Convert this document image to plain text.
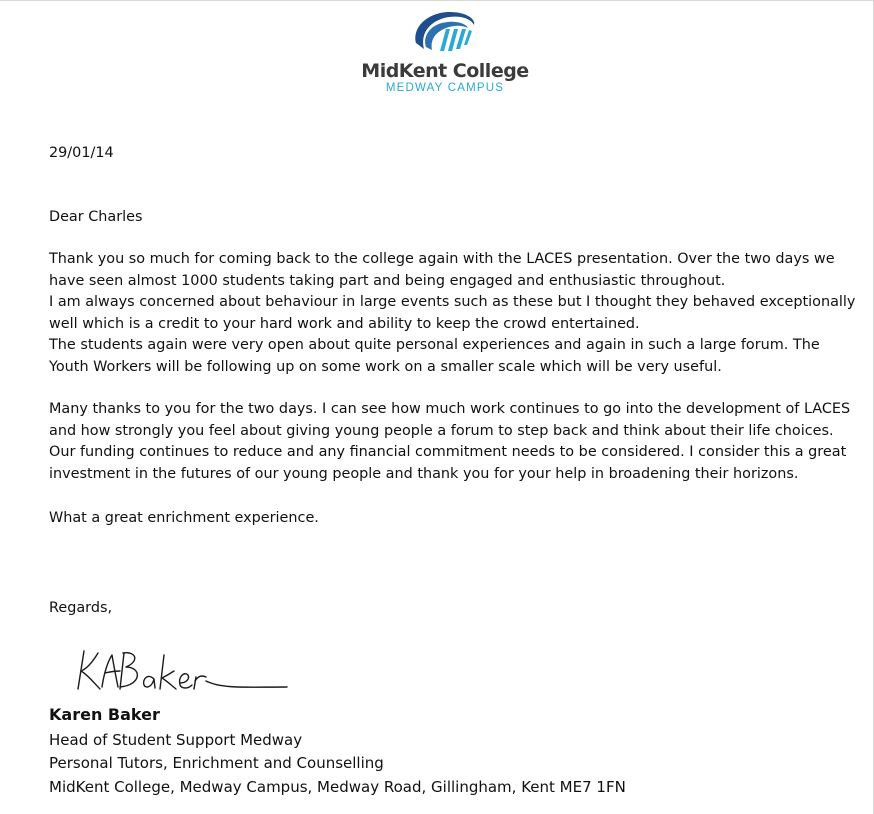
MidKent College
MEDWAY CAMPUS

29/01/14

Dear Charles

Thank you so much for coming back to the college again with the LACES presentation. Over the two days we
have seen almost 1000 students taking part and being engaged and enthusiastic throughout.
I am always concerned about behaviour in large events such as these but I thought they behaved exceptionally
well which is a credit to your hard work and ability to keep the crowd entertained.
The students again were very open about quite personal experiences and again in such a large forum. The
Youth Workers will be following up on some work on a smaller scale which will be very useful.
Many thanks to you for the two days. I can see how much work continues to go into the development of LACES
and how strongly you feel about giving young people a forum to step back and think about their life choices.
Our funding continues to reduce and any financial commitment needs to be considered. I consider this a great
investment in the futures of our young people and thank you for your help in broadening their horizons.

What a great enrichment experience.

Regards,

Karen Baker

Head of Student Support Medway
Personal Tutors, Enrichment and Counselling
MidKent College, Medway Campus, Medway Road, Gillingham, Kent ME7 1FN
